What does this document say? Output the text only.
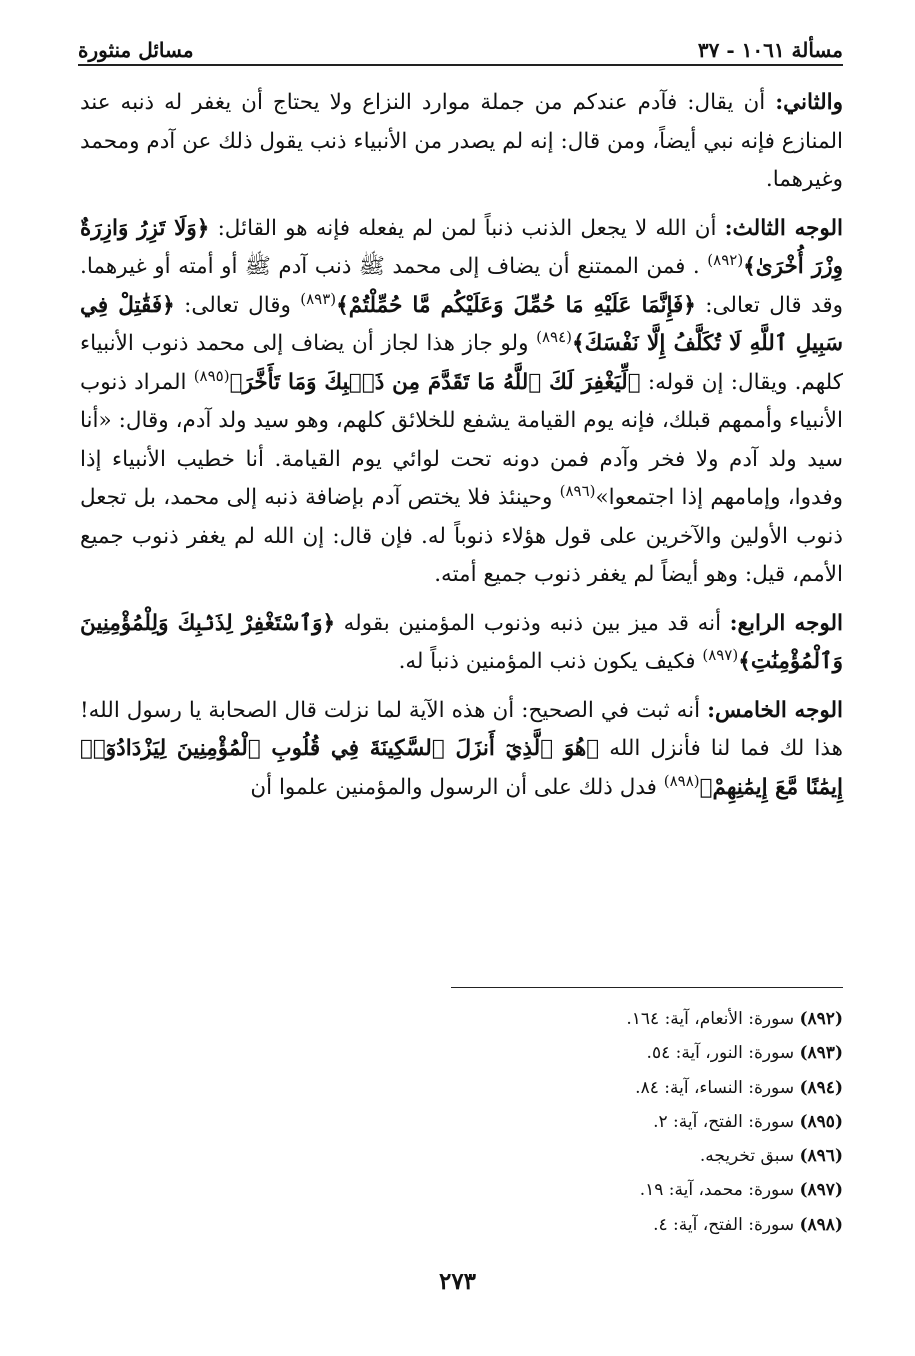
مسألة ١٠٦١ - ٣٧
مسائل منثورة

والثاني: أن يقال: فآدم عندكم من جملة موارد النزاع ولا يحتاج أن يغفر له ذنبه عند المنازع فإنه نبي أيضاً، ومن قال: إنه لم يصدر من الأنبياء ذنب يقول ذلك عن آدم ومحمد وغيرهما.

الوجه الثالث: أن الله لا يجعل الذنب ذنباً لمن لم يفعله فإنه هو القائل: ﴿وَلَا تَزِرُ وَازِرَةٌ وِزْرَ أُخْرَىٰ﴾$^{(٨٩٢)}$ . فمن الممتنع أن يضاف إلى محمد ﷺ ذنب آدم ﷺ أو أمته أو غيرهما. وقد قال تعالى: ﴿فَإِنَّمَا عَلَيْهِ مَا حُمِّلَ وَعَلَيْكُم مَّا حُمِّلْتُمْ﴾$^{(٨٩٣)}$ وقال تعالى: ﴿فَقَٰتِلْ فِي سَبِيلِ ٱللَّهِ لَا تُكَلَّفُ إِلَّا نَفْسَكَ﴾$^{(٨٩٤)}$ ولو جاز هذا لجاز أن يضاف إلى محمد ذنوب الأنبياء كلهم. ويقال: إن قوله: ﴿لِّيَغْفِرَ لَكَ ٱللَّهُ مَا تَقَدَّمَ مِن ذَنۢبِكَ وَمَا تَأَخَّرَ﴾$^{(٨٩٥)}$ المراد ذنوب الأنبياء وأممهم قبلك، فإنه يوم القيامة يشفع للخلائق كلهم، وهو سيد ولد آدم، وقال: «أنا سيد ولد آدم ولا فخر وآدم فمن دونه تحت لوائي يوم القيامة. أنا خطيب الأنبياء إذا وفدوا، وإمامهم إذا اجتمعوا»$^{(٨٩٦)}$ وحينئذ فلا يختص آدم بإضافة ذنبه إلى محمد، بل تجعل ذنوب الأولين والآخرين على قول هؤلاء ذنوباً له. فإن قال: إن الله لم يغفر ذنوب جميع الأمم، قيل: وهو أيضاً لم يغفر ذنوب جميع أمته.

الوجه الرابع: أنه قد ميز بين ذنبه وذنوب المؤمنين بقوله ﴿وَٱسْتَغْفِرْ لِذَنۢبِكَ وَلِلْمُؤْمِنِينَ وَٱلْمُؤْمِنَٰتِ﴾$^{(٨٩٧)}$ فكيف يكون ذنب المؤمنين ذنباً له.

الوجه الخامس: أنه ثبت في الصحيح: أن هذه الآية لما نزلت قال الصحابة يا رسول الله! هذا لك فما لنا فأنزل الله ﴿هُوَ ٱلَّذِيٓ أَنزَلَ ٱلسَّكِينَةَ فِي قُلُوبِ ٱلْمُؤْمِنِينَ لِيَزْدَادُوٓا۟ إِيمَٰنًا مَّعَ إِيمَٰنِهِمْ﴾$^{(٨٩٨)}$ فدل ذلك على أن الرسول والمؤمنين علموا أن

(٨٩٢) سورة: الأنعام، آية: ١٦٤.
(٨٩٣) سورة: النور، آية: ٥٤.
(٨٩٤) سورة: النساء، آية: ٨٤.
(٨٩٥) سورة: الفتح، آية: ٢.
(٨٩٦) سبق تخريجه.
(٨٩٧) سورة: محمد، آية: ١٩.
(٨٩٨) سورة: الفتح، آية: ٤.
٢٧٣
